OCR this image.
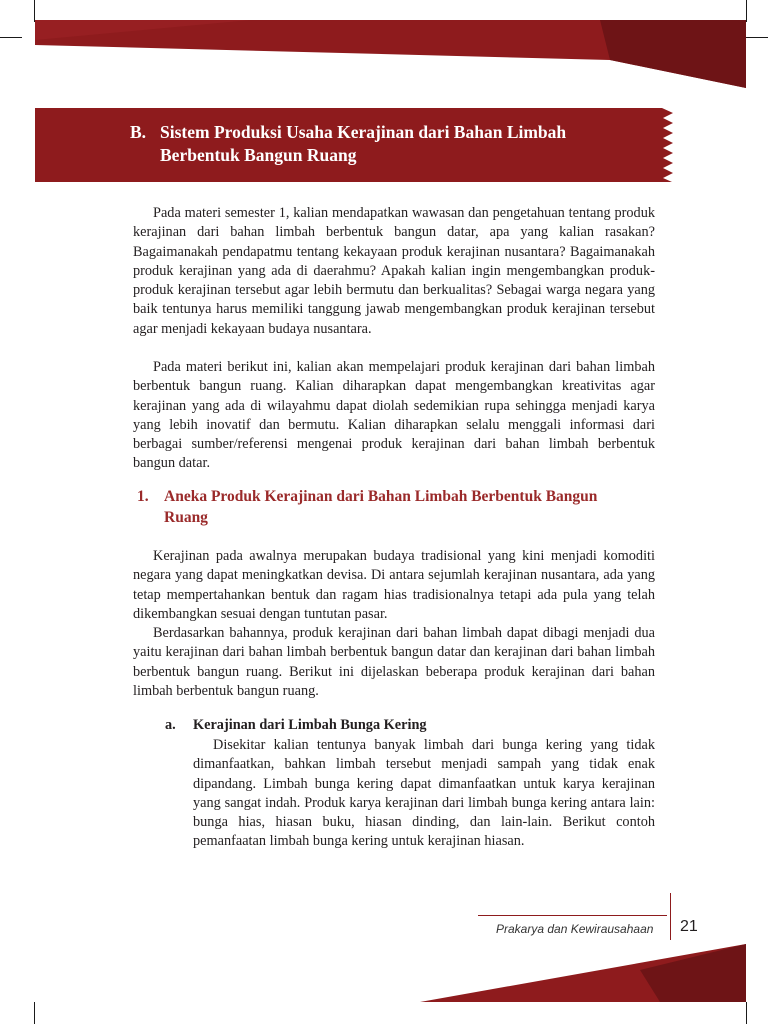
B. Sistem Produksi Usaha Kerajinan dari Bahan Limbah
Berbentuk Bangun Ruang

Pada materi semester 1, kalian mendapatkan wawasan dan pengetahuan tentang produk kerajinan dari bahan limbah berbentuk bangun datar, apa yang kalian rasakan? Bagaimanakah pendapatmu tentang kekayaan produk kerajinan nusantara? Bagaimanakah produk kerajinan yang ada di daerahmu? Apakah kalian ingin mengembangkan produk-produk kerajinan tersebut agar lebih bermutu dan berkualitas? Sebagai warga negara yang baik tentunya harus memiliki tanggung jawab mengembangkan produk kerajinan tersebut agar menjadi kekayaan budaya nusantara.

Pada materi berikut ini, kalian akan mempelajari produk kerajinan dari bahan limbah berbentuk bangun ruang. Kalian diharapkan dapat mengembangkan kreativitas agar kerajinan yang ada di wilayahmu dapat diolah sedemikian rupa sehingga menjadi karya yang lebih inovatif dan bermutu. Kalian diharapkan selalu menggali informasi dari berbagai sumber/referensi mengenai produk kerajinan dari bahan limbah berbentuk bangun datar.

1. Aneka Produk Kerajinan dari Bahan Limbah Berbentuk Bangun
Ruang

Kerajinan pada awalnya merupakan budaya tradisional yang kini menjadi komoditi negara yang dapat meningkatkan devisa. Di antara sejumlah kerajinan nusantara, ada yang tetap mempertahankan bentuk dan ragam hias tradisionalnya tetapi ada pula yang telah dikembangkan sesuai dengan tuntutan pasar.

Berdasarkan bahannya, produk kerajinan dari bahan limbah dapat dibagi menjadi dua yaitu kerajinan dari bahan limbah berbentuk bangun datar dan kerajinan dari bahan limbah berbentuk bangun ruang. Berikut ini dijelaskan beberapa produk kerajinan dari bahan limbah berbentuk bangun ruang.

a. Kerajinan dari Limbah Bunga Kering

Disekitar kalian tentunya banyak limbah dari bunga kering yang tidak dimanfaatkan, bahkan limbah tersebut menjadi sampah yang tidak enak dipandang. Limbah bunga kering dapat dimanfaatkan untuk karya kerajinan yang sangat indah. Produk karya kerajinan dari limbah bunga kering antara lain: bunga hias, hiasan buku, hiasan dinding, dan lain-lain. Berikut contoh pemanfaatan limbah bunga kering untuk kerajinan hiasan.

Prakarya dan Kewirausahaan 21
